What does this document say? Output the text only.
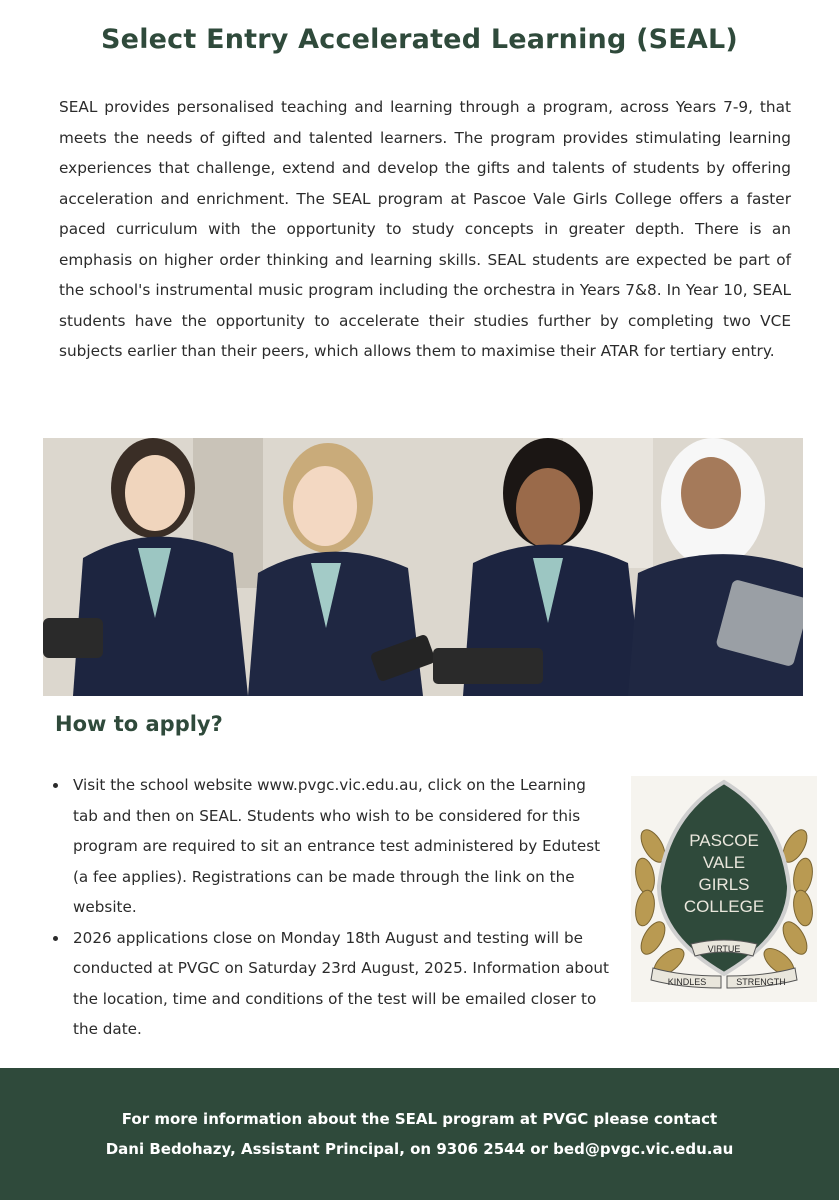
Select Entry Accelerated Learning (SEAL)

SEAL provides personalised teaching and learning through a program, across Years 7-9, that meets the needs of gifted and talented learners. The program provides stimulating learning experiences that challenge, extend and develop the gifts and talents of students by offering acceleration and enrichment. The SEAL program at Pascoe Vale Girls College offers a faster paced curriculum with the opportunity to study concepts in greater depth. There is an emphasis on higher order thinking and learning skills. SEAL students are expected be part of the school's instrumental music program including the orchestra in Years 7&8. In Year 10, SEAL students have the opportunity to accelerate their studies further by completing two VCE subjects earlier than their peers, which allows them to maximise their ATAR for tertiary entry.

How to apply?
Visit the school website www.pvgc.vic.edu.au, click on the Learning tab and then on SEAL. Students who wish to be considered for this program are required to sit an entrance test administered by Edutest (a fee applies). Registrations can be made through the link on the website.
2026 applications close on Monday 18th August and testing will be conducted at PVGC on Saturday 23rd August, 2025. Information about the location, time and conditions of the test will be emailed closer to the date.
PASCOE
VALE
GIRLS
COLLEGE
VIRTUE
KINDLES	STRENGTH
For more information about the SEAL program at PVGC please contact
Dani Bedohazy, Assistant Principal, on 9306 2544 or bed@pvgc.vic.edu.au
